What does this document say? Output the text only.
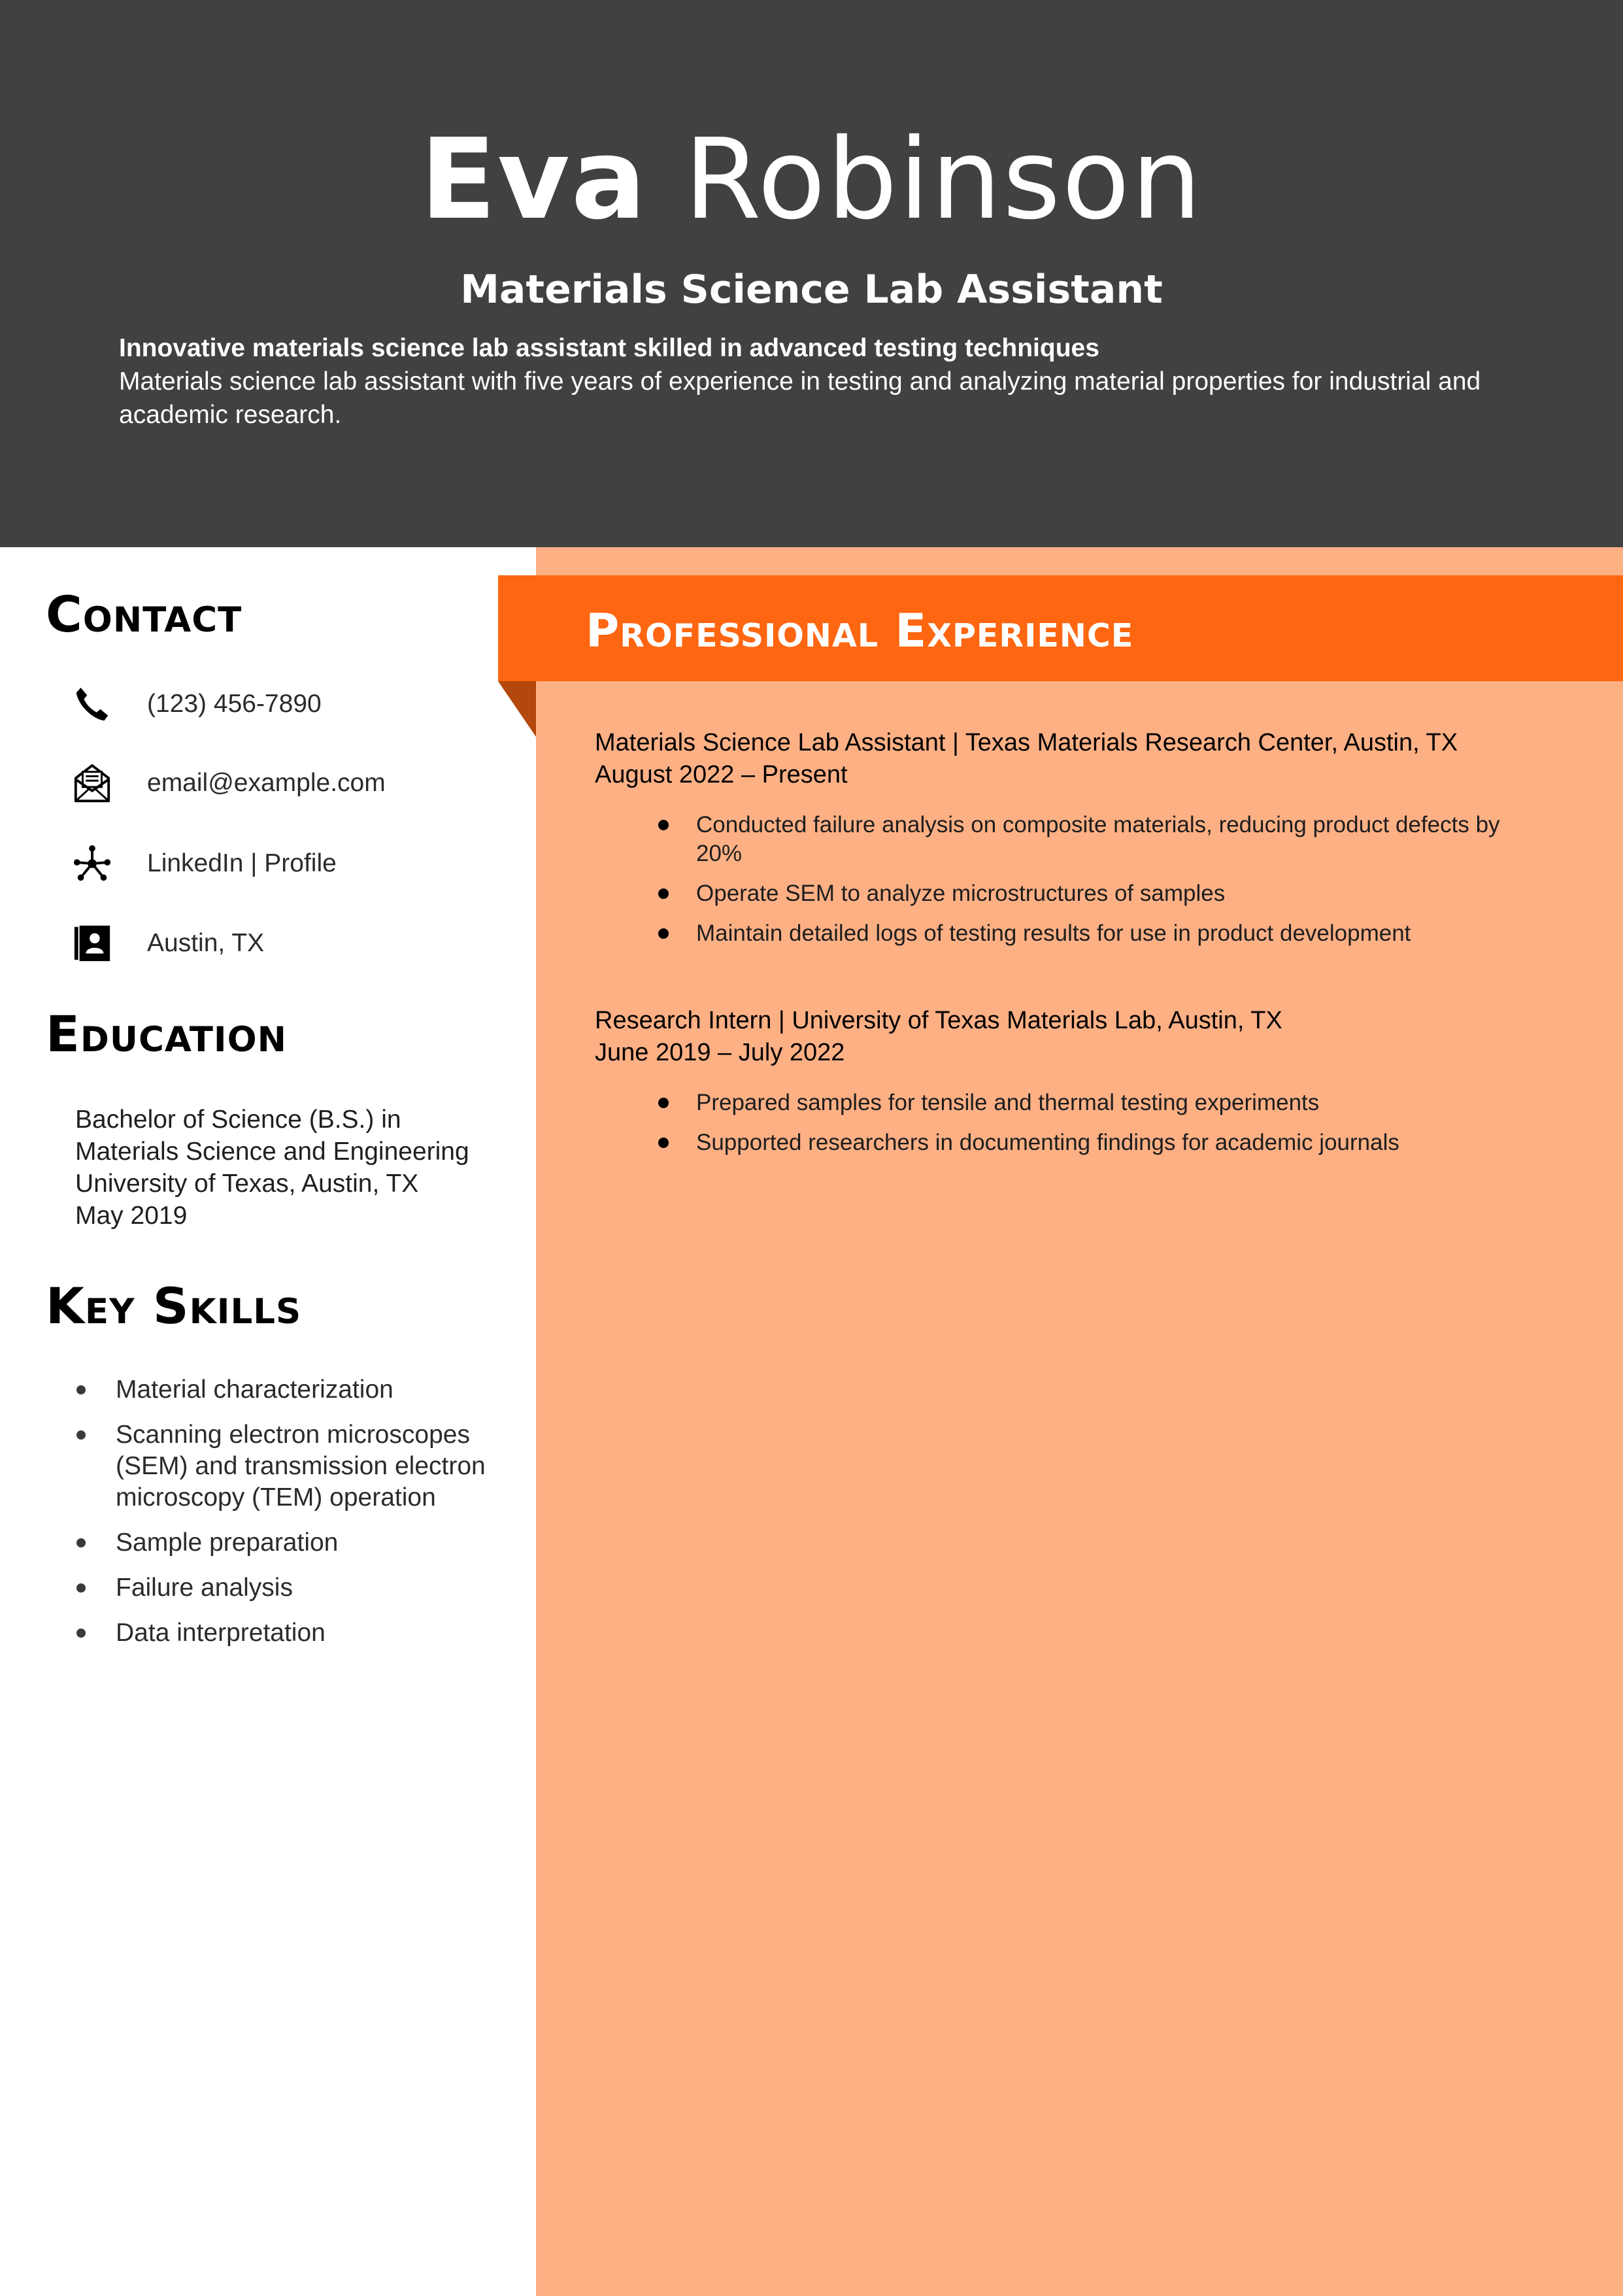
Eva Robinson
Materials Science Lab Assistant
Innovative materials science lab assistant skilled in advanced testing techniques
Materials science lab assistant with five years of experience in testing and analyzing material properties for industrial and academic research.
Professional Experience

Materials Science Lab Assistant | Texas Materials Research Center, Austin, TX

August 2022 – Present

Conducted failure analysis on composite materials, reducing product defects by 20%
Operate SEM to analyze microstructures of samples
Maintain detailed logs of testing results for use in product development

Research Intern | University of Texas Materials Lab, Austin, TX

June 2019 – July 2022

Prepared samples for tensile and thermal testing experiments
Supported researchers in documenting findings for academic journals
Contact
(123) 456-7890
email@example.com
LinkedIn | Profile
Austin, TX
Education
Bachelor of Science (B.S.) in
Materials Science and Engineering
University of Texas, Austin, TX
May 2019
Key Skills
Material characterization
Scanning electron microscopes (SEM) and transmission electron microscopy (TEM) operation
Sample preparation
Failure analysis
Data interpretation
